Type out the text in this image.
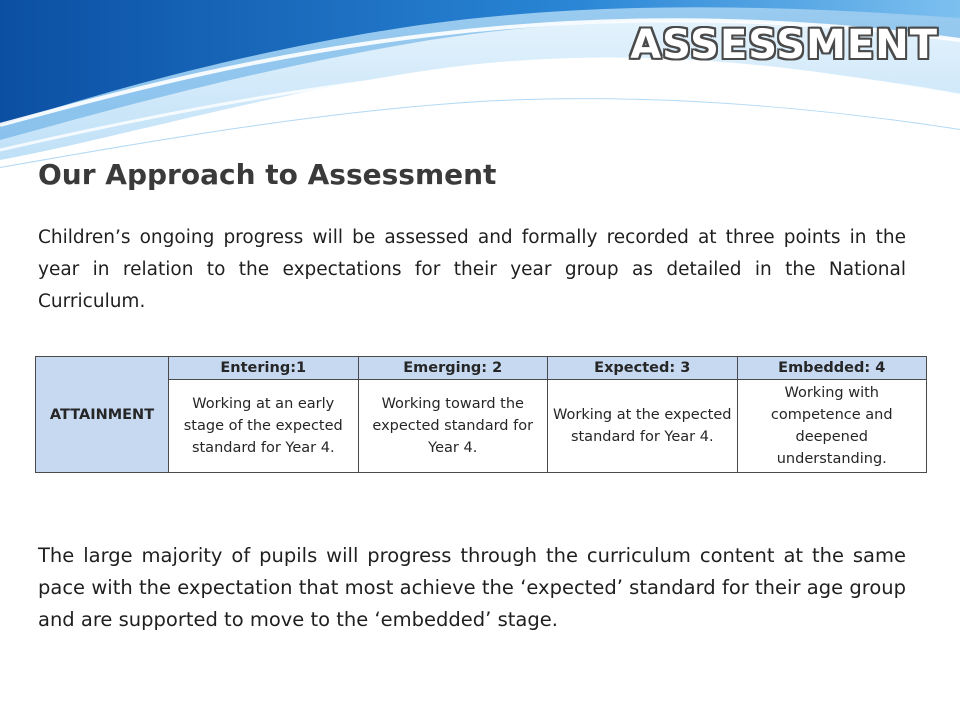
ASSESSMENT
Our Approach to Assessment
Children’s ongoing progress will be assessed and formally recorded at three points in the year in relation to the expectations for their year group as detailed in the National Curriculum.
ATTAINMENT	Entering:1	Emerging: 2	Expected: 3	Embedded: 4
	Working at an early stage of the expected standard for Year 4.	Working toward the expected standard for Year 4.	Working at the expected standard for Year 4.	Working with competence and deepened understanding.
The large majority of pupils will progress through the curriculum content at the same pace with the expectation that most achieve the ‘expected’ standard for their age group and are supported to move to the ‘embedded’ stage.
